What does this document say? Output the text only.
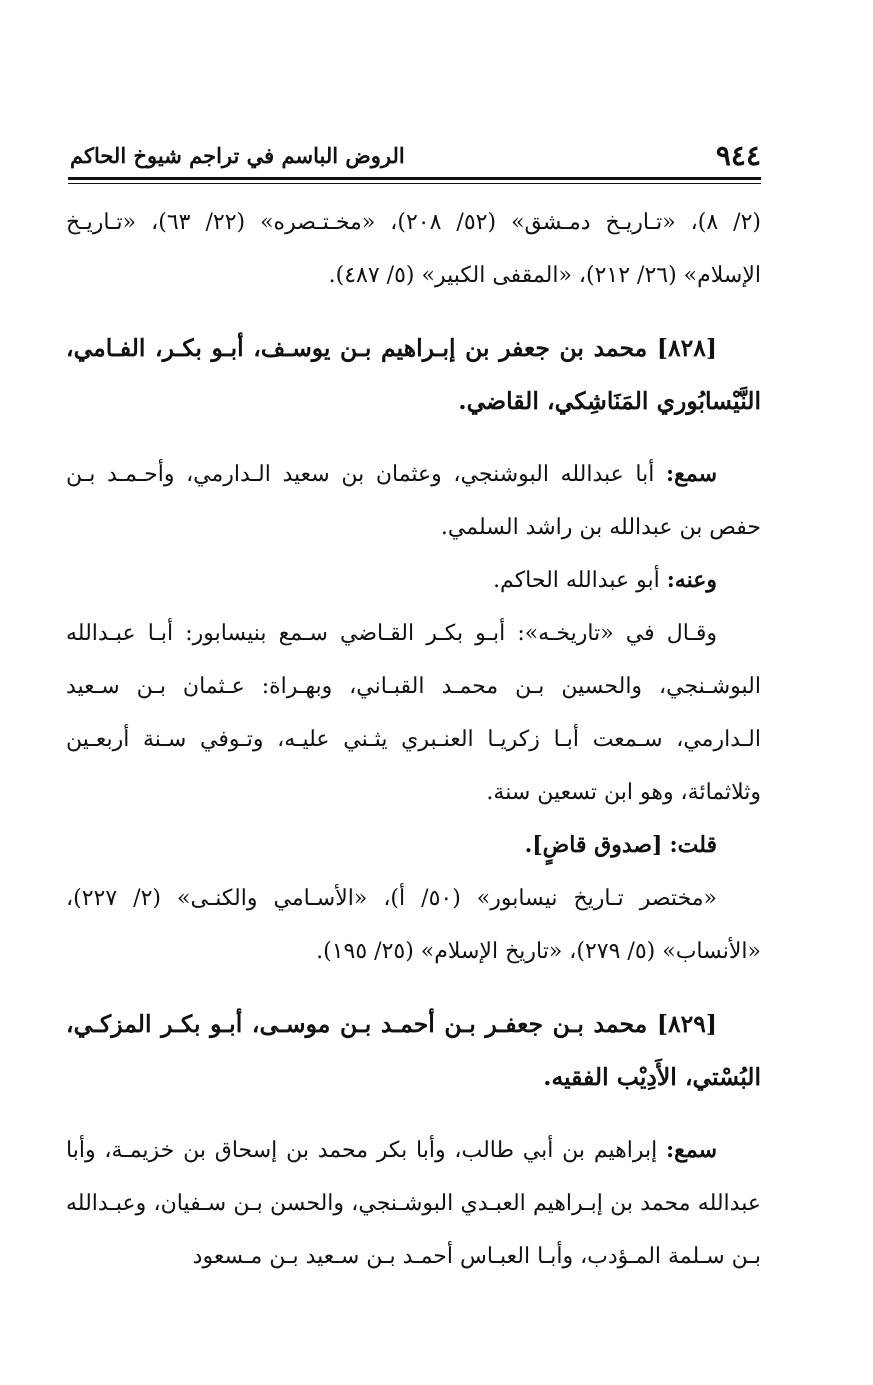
٩٤٤
الروض الباسم في تراجم شيوخ الحاكم

(٢/ ٨)، «تـاريـخ دمـشق» (٥٢/ ٢٠٨)، «مخـتـصره» (٢٢/ ٦٣)، «تـاريـخ الإسلام» (٢٦/ ٢١٢)، «المقفى الكبير» (٥/ ٤٨٧).

[٨٢٨] محمد بن جعفر بن إبـراهيم بـن يوسـف، أبـو بكـر، الفـامي، النَّيْسابُوري المَنَاشِكي، القاضي.

سمع: أبا عبدالله البوشنجي، وعثمان بن سعيد الـدارمي، وأحـمـد بـن حفص بن عبدالله بن راشد السلمي.

وعنه: أبو عبدالله الحاكم.

وقـال في «تاريخـه»: أبـو بكـر القـاضي سـمع بنيسابور: أبـا عبـدالله البوشـنجي، والحسين بـن محمـد القبـاني، وبهـراة: عـثمان بـن سـعيد الـدارمي، سـمعت أبـا زكريـا العنـبري يثـني عليـه، وتـوفي سـنة أربعـين وثلاثمائة، وهو ابن تسعين سنة.

قلت: [صدوق قاضٍ].

«مختصر تـاريخ نيسابور» (٥٠/ أ)، «الأسـامي والكنـى» (٢/ ٢٢٧)، «الأنساب» (٥/ ٢٧٩)، «تاريخ الإسلام» (٢٥/ ١٩٥).

[٨٢٩] محمد بـن جعفـر بـن أحمـد بـن موسـى، أبـو بكـر المزكـي، البُسْتي، الأَدِيْب الفقيه.

سمع: إبراهيم بن أبي طالب، وأبا بكر محمد بن إسحاق بن خزيمـة، وأبا عبدالله محمد بن إبـراهيم العبـدي البوشـنجي، والحسن بـن سـفيان، وعبـدالله بـن سـلمة المـؤدب، وأبـا العبـاس أحمـد بـن سـعيد بـن مـسعود
